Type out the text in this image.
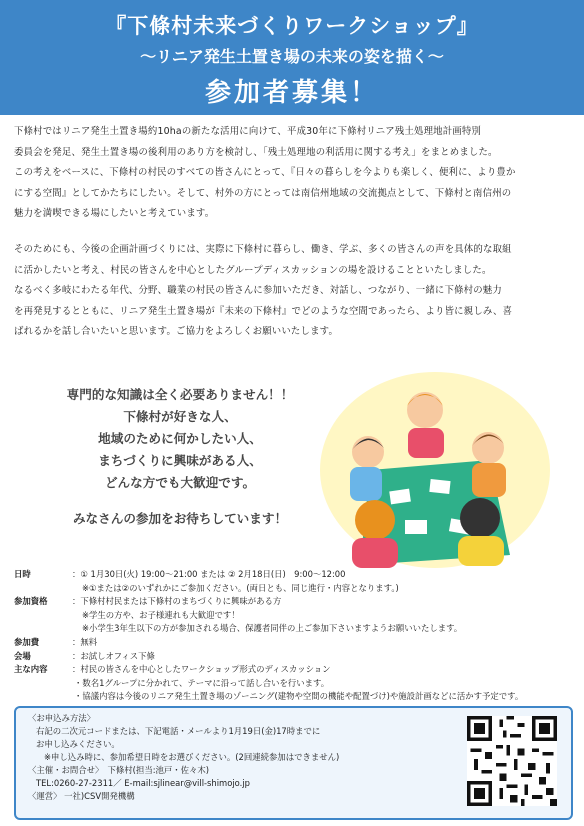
『下條村未来づくりワークショップ』
〜リニア発生土置き場の未来の姿を描く〜
参加者募集！

下條村ではリニア発生土置き場約10haの新たな活用に向けて、平成30年に下條村リニア残土処理地計画特別

委員会を発足、発生土置き場の後利用のあり方を検討し、「残土処理地の利活用に関する考え」をまとめました。

この考えをベースに、下條村の村民のすべての皆さんにとって、『日々の暮らしを今よりも楽しく、便利に、より豊か

にする空間』としてかたちにしたい。そして、村外の方にとっては南信州地域の交流拠点として、下條村と南信州の

魅力を満喫できる場にしたいと考えています。

そのためにも、今後の企画計画づくりには、実際に下條村に暮らし、働き、学ぶ、多くの皆さんの声を具体的な取組

に活かしたいと考え、村民の皆さんを中心としたグループディスカッションの場を設けることといたしました。

なるべく多岐にわたる年代、分野、職業の村民の皆さんに参加いただき、対話し、つながり、一緒に下條村の魅力

を再発見するとともに、リニア発生土置き場が『未来の下條村』でどのような空間であったら、より皆に親しみ、喜

ばれるかを話し合いたいと思います。ご協力をよろしくお願いいたします。

専門的な知識は全く必要ありません！！
下條村が好きな人、
地域のために何かしたい人、
まちづくりに興味がある人、
どんな方でも大歓迎です。
みなさんの参加をお待ちしています！
日時	：① 1月30日(火) 19:00～21:00 または ② 2月18日(日)　9:00～12:00
※①または②のいずれかにご参加ください。(両日とも、同じ進行・内容となります。)
参加資格	：下條村村民または下條村のまちづくりに興味がある方
※学生の方や、お子様連れも大歓迎です！
※小学生3年生以下の方が参加される場合、保護者同伴の上ご参加下さいますようお願いいたします。
参加費	：無料
会場	：お試しオフィス下條
主な内容	：村民の皆さんを中心としたワークショップ形式のディスカッション
・数名1グループに分かれて、テーマに沿って話し合いを行います。
・協議内容は今後のリニア発生土置き場のゾーニング(建物や空間の機能や配置づけ)や施設計画などに活かす予定です。
〈お申込み方法〉
右記の二次元コードまたは、下記電話・メールより1月19日(金)17時までに
お申し込みください。
※申し込み時に、参加希望日時をお選びください。(2回連続参加はできません)
〈主催・お問合せ〉　下條村(担当:池戸・佐々木)
TEL:0260-27-2311／ E-mail:sjlinear@vill-shimojo.jp
〈運営〉 一社)CSV開発機構
